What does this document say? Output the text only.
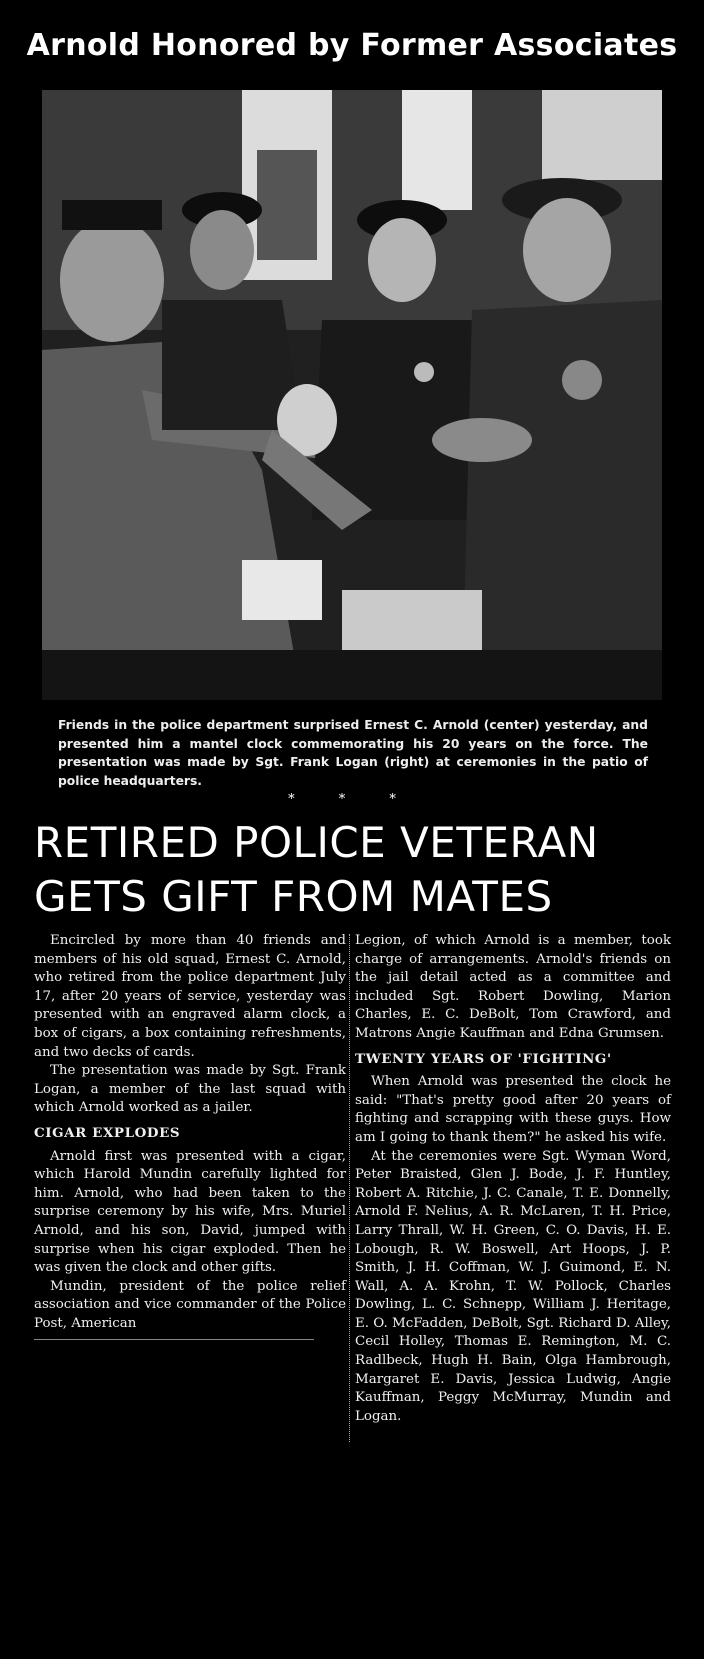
Arnold Honored by Former Associates
Friends in the police department surprised Ernest C. Arnold (center) yesterday, and presented him a mantel clock commemorating his 20 years on the force. The presentation was made by Sgt. Frank Logan (right) at ceremonies in the patio of police headquarters.
* * *
RETIRED POLICE VETERAN
GETS GIFT FROM MATES

Encircled by more than 40 friends and members of his old squad, Ernest C. Arnold, who retired from the police department July 17, after 20 years of service, yesterday was presented with an engraved alarm clock, a box of cigars, a box containing refreshments, and two decks of cards.

The presentation was made by Sgt. Frank Logan, a member of the last squad with which Arnold worked as a jailer.

CIGAR EXPLODES

Arnold first was presented with a cigar, which Harold Mundin carefully lighted for him. Arnold, who had been taken to the surprise ceremony by his wife, Mrs. Muriel Arnold, and his son, David, jumped with surprise when his cigar exploded. Then he was given the clock and other gifts.

Mundin, president of the police relief association and vice commander of the Police Post, American

Legion, of which Arnold is a member, took charge of arrangements. Arnold's friends on the jail detail acted as a committee and included Sgt. Robert Dowling, Marion Charles, E. C. DeBolt, Tom Crawford, and Matrons Angie Kauffman and Edna Grumsen.

TWENTY YEARS OF 'FIGHTING'

When Arnold was presented the clock he said: "That's pretty good after 20 years of fighting and scrapping with these guys. How am I going to thank them?" he asked his wife.

At the ceremonies were Sgt. Wyman Word, Peter Braisted, Glen J. Bode, J. F. Huntley, Robert A. Ritchie, J. C. Canale, T. E. Donnelly, Arnold F. Nelius, A. R. McLaren, T. H. Price, Larry Thrall, W. H. Green, C. O. Davis, H. E. Lobough, R. W. Boswell, Art Hoops, J. P. Smith, J. H. Coffman, W. J. Guimond, E. N. Wall, A. A. Krohn, T. W. Pollock, Charles Dowling, L. C. Schnepp, William J. Heritage, E. O. McFadden, DeBolt, Sgt. Richard D. Alley, Cecil Holley, Thomas E. Remington, M. C. Radlbeck, Hugh H. Bain, Olga Hambrough, Margaret E. Davis, Jessica Ludwig, Angie Kauffman, Peggy McMurray, Mundin and Logan.
